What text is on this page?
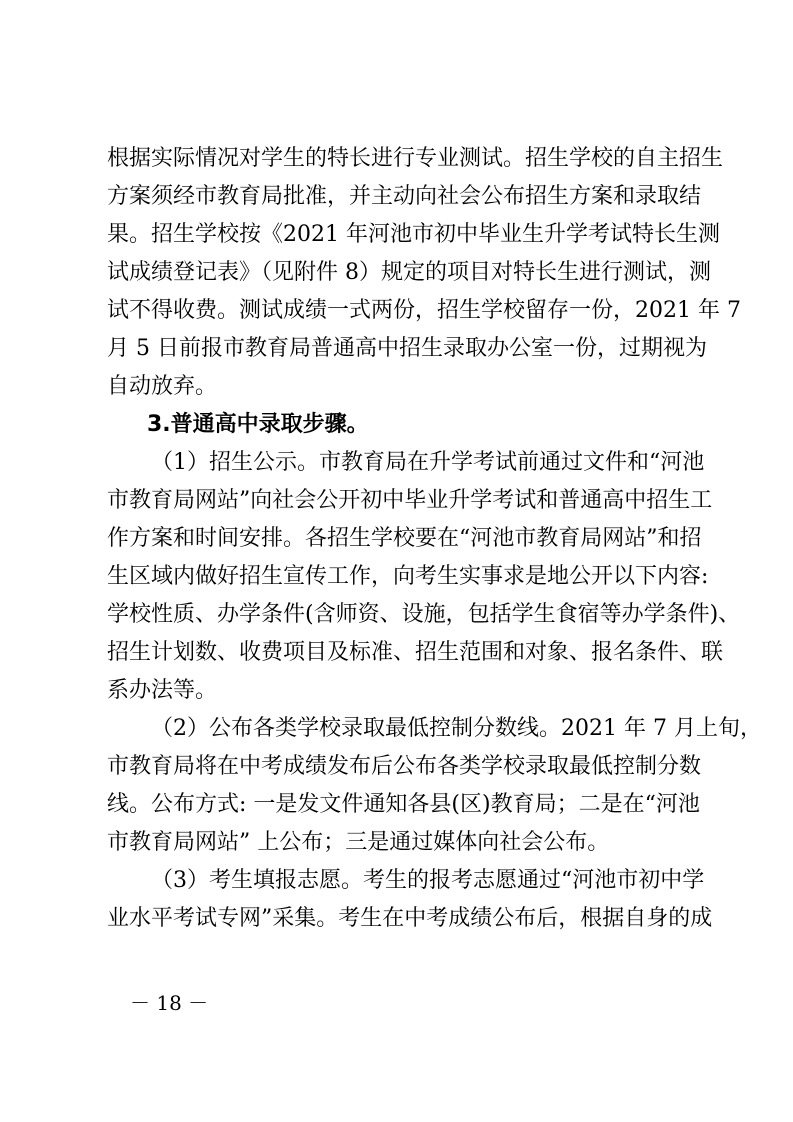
根据实际情况对学生的特长进行专业测试。招生学校的自主招生
方案须经市教育局批准，并主动向社会公布招生方案和录取结
果。招生学校按《2021 年河池市初中毕业生升学考试特长生测
试成绩登记表》（见附件 8）规定的项目对特长生进行测试，测
试不得收费。测试成绩一式两份，招生学校留存一份，2021 年 7
月 5 日前报市教育局普通高中招生录取办公室一份，过期视为
自动放弃。
3.普通高中录取步骤。
（1）招生公示。市教育局在升学考试前通过文件和“河池
市教育局网站”向社会公开初中毕业升学考试和普通高中招生工
作方案和时间安排。各招生学校要在“河池市教育局网站”和招
生区域内做好招生宣传工作，向考生实事求是地公开以下内容:
学校性质、办学条件(含师资、设施，包括学生食宿等办学条件)、
招生计划数、收费项目及标准、招生范围和对象、报名条件、联
系办法等。
（2）公布各类学校录取最低控制分数线。2021 年 7 月上旬，
市教育局将在中考成绩发布后公布各类学校录取最低控制分数
线。公布方式: 一是发文件通知各县(区)教育局；二是在“河池
市教育局网站” 上公布；三是通过媒体向社会公布。
（3）考生填报志愿。考生的报考志愿通过“河池市初中学
业水平考试专网”采集。考生在中考成绩公布后，根据自身的成
－ 18 －
